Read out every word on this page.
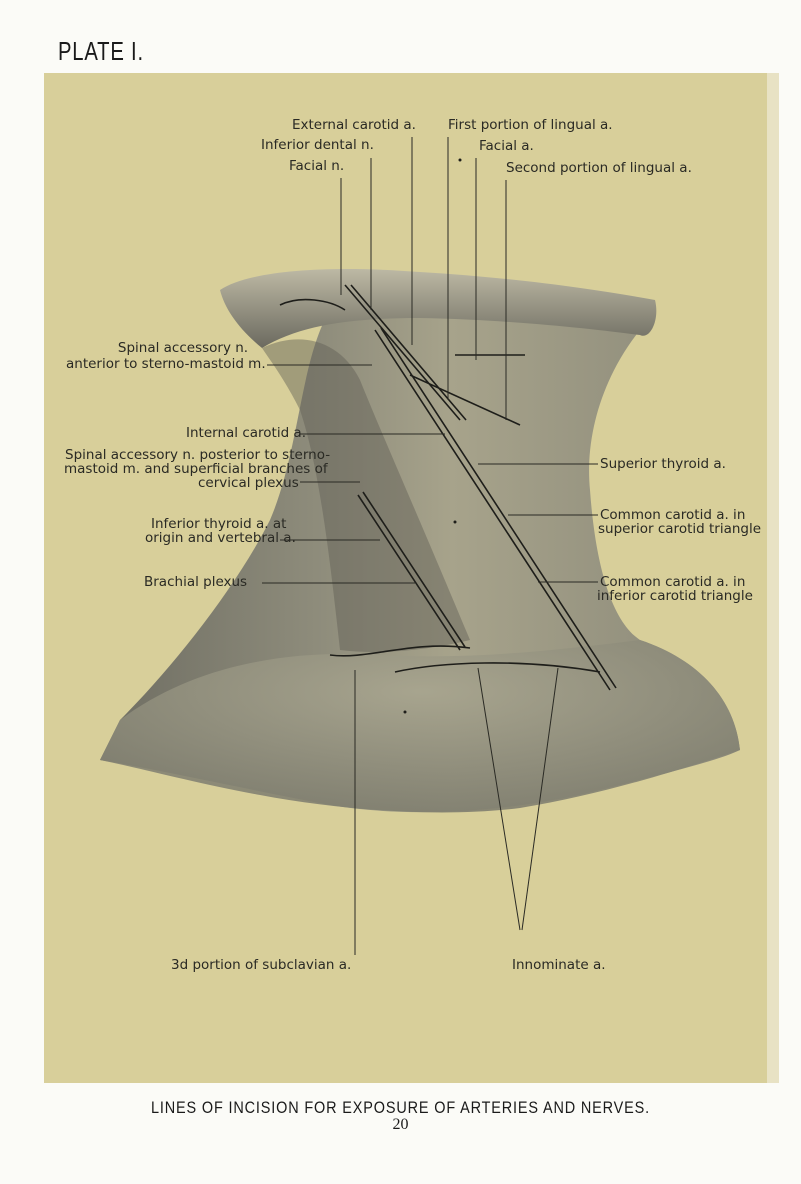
PLATE I.
External carotid a.
Inferior dental n.
Facial n.
First portion of lingual a.
Facial a.
Second portion of lingual a.
Spinal accessory n.
anterior to sterno-mastoid m.
Internal carotid a.
Spinal accessory n. posterior to sterno-
mastoid m. and superficial branches of
cervical plexus
Inferior thyroid a. at
origin and vertebral a.
Brachial plexus
Superior thyroid a.
Common carotid a. in
superior carotid triangle
Common carotid a. in
inferior carotid triangle
3d portion of subclavian a.	Innominate a.
LINES OF INCISION FOR EXPOSURE OF ARTERIES AND NERVES.
20
